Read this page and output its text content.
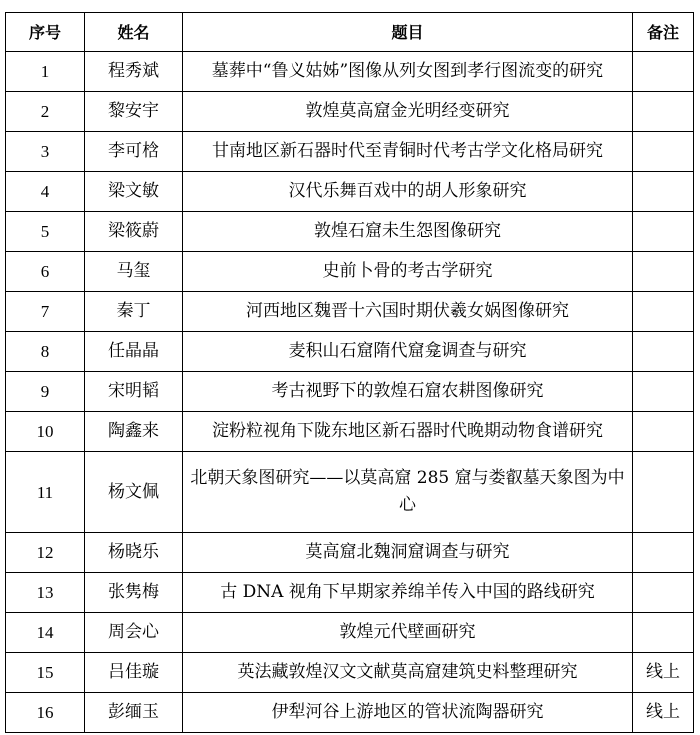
序号	姓名	题目	备注
1	程秀斌	墓葬中“鲁义姑姊”图像从列女图到孝行图流变的研究	
2	黎安宇	敦煌莫高窟金光明经变研究	
3	李可梒	甘南地区新石器时代至青铜时代考古学文化格局研究	
4	梁文敏	汉代乐舞百戏中的胡人形象研究	
5	梁筱蔚	敦煌石窟未生怨图像研究	
6	马玺	史前卜骨的考古学研究	
7	秦丁	河西地区魏晋十六国时期伏羲女娲图像研究	
8	任晶晶	麦积山石窟隋代窟龛调查与研究	
9	宋明韬	考古视野下的敦煌石窟农耕图像研究	
10	陶鑫来	淀粉粒视角下陇东地区新石器时代晚期动物食谱研究	
11	杨文佩	北朝天象图研究——以莫高窟 285 窟与娄叡墓天象图为中心	
12	杨晓乐	莫高窟北魏洞窟调查与研究	
13	张隽梅	古 DNA 视角下早期家养绵羊传入中国的路线研究	
14	周会心	敦煌元代壁画研究	
15	吕佳璇	英法藏敦煌汉文文献莫高窟建筑史料整理研究	线上
16	彭缅玉	伊犁河谷上游地区的管状流陶器研究	线上
